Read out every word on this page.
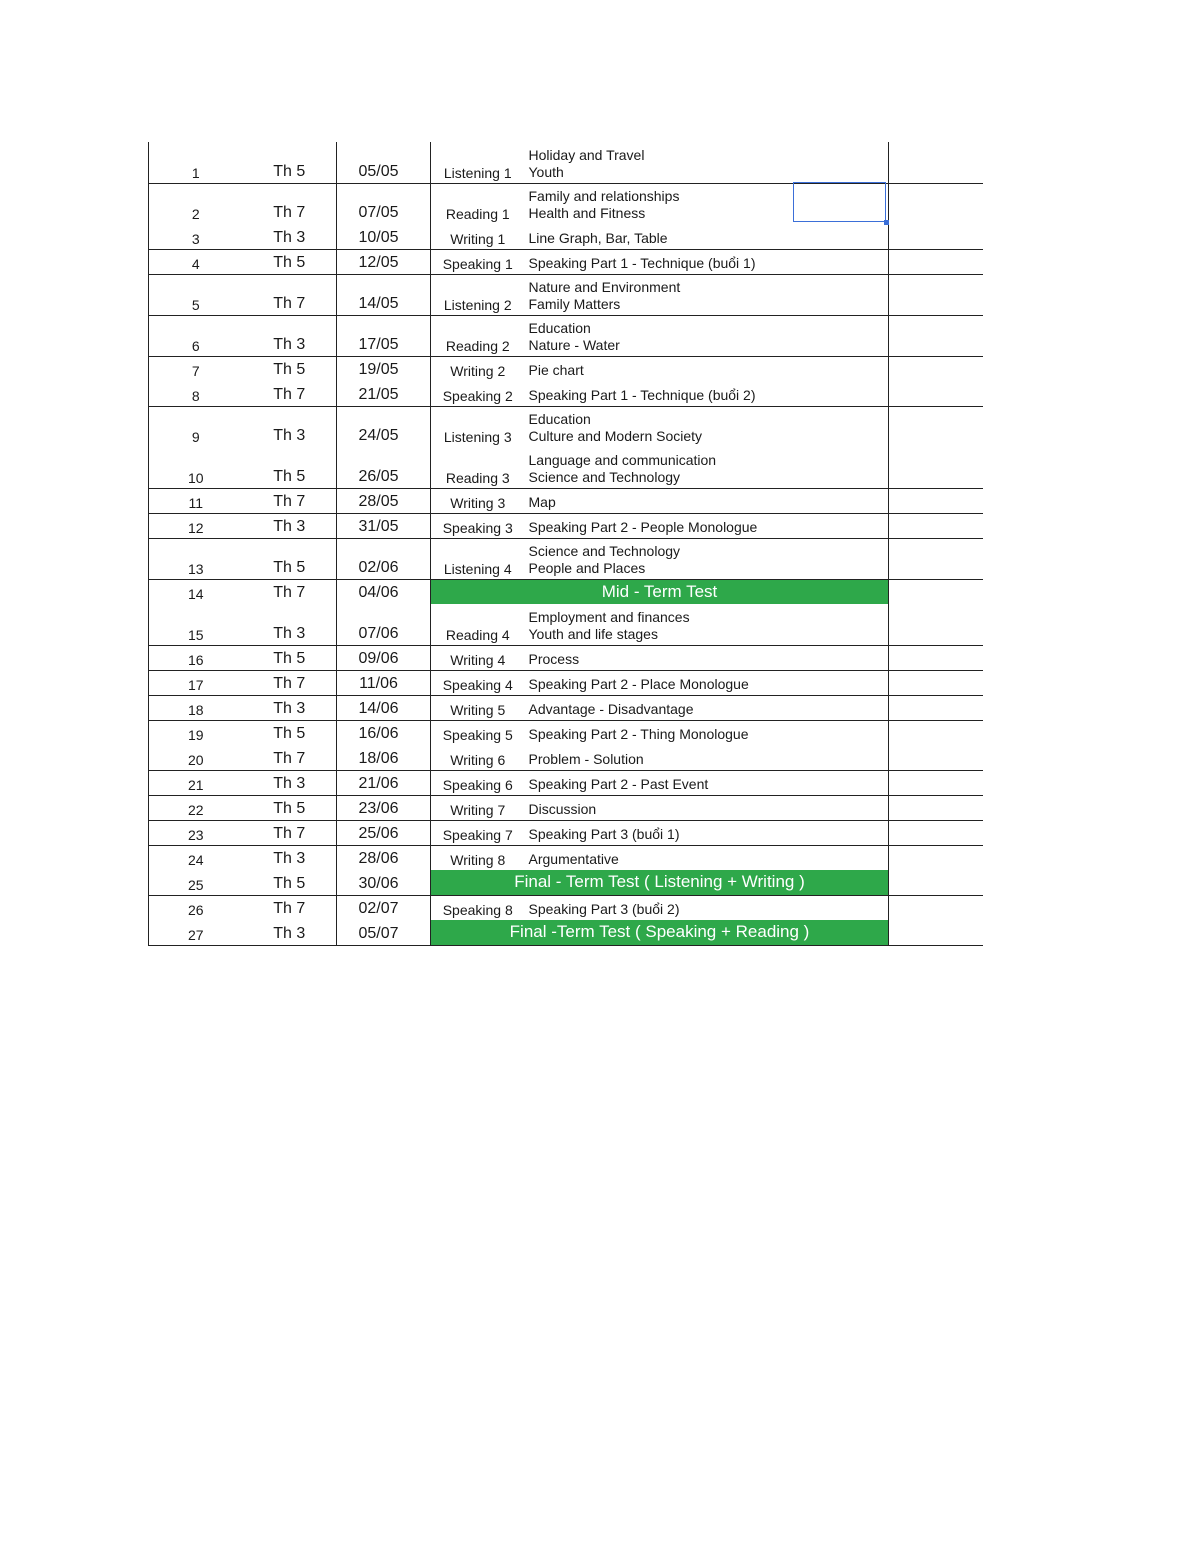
1	Th 5	05/05	Listening 1	Holiday and Travel
Youth	

2	Th 7	07/05	Reading 1	Family and relationships
Health and Fitness	

3	Th 3	10/05	Writing 1	Line Graph, Bar, Table	

4	Th 5	12/05	Speaking 1	Speaking Part 1 - Technique (buổi 1)	

5	Th 7	14/05	Listening 2	Nature and Environment
Family Matters	

6	Th 3	17/05	Reading 2	Education
Nature - Water	

7	Th 5	19/05	Writing 2	Pie chart	

8	Th 7	21/05	Speaking 2	Speaking Part 1 - Technique (buổi 2)	

9	Th 3	24/05	Listening 3	Education
Culture and Modern Society	

10	Th 5	26/05	Reading 3	Language and communication
Science and Technology	

11	Th 7	28/05	Writing 3	Map	

12	Th 3	31/05	Speaking 3	Speaking Part 2 - People Monologue	

13	Th 5	02/06	Listening 4	Science and Technology
People and Places	

14	Th 7	04/06	Mid - Term Test		
15	Th 3	07/06	Reading 4	Employment and finances
Youth and life stages	

16	Th 5	09/06	Writing 4	Process	

17	Th 7	11/06	Speaking 4	Speaking Part 2 - Place Monologue	

18	Th 3	14/06	Writing 5	Advantage - Disadvantage	

19	Th 5	16/06	Speaking 5	Speaking Part 2 - Thing Monologue	

20	Th 7	18/06	Writing 6	Problem - Solution	

21	Th 3	21/06	Speaking 6	Speaking Part 2 - Past Event	

22	Th 5	23/06	Writing 7	Discussion	

23	Th 7	25/06	Speaking 7	Speaking Part 3 (buổi 1)	

24	Th 3	28/06	Writing 8	Argumentative	

25	Th 5	30/06	Final - Term Test ( Listening + Writing )		
26	Th 7	02/07	Speaking 8	Speaking Part 3 (buổi 2)	

27	Th 3	05/07	Final -Term Test ( Speaking + Reading )		
